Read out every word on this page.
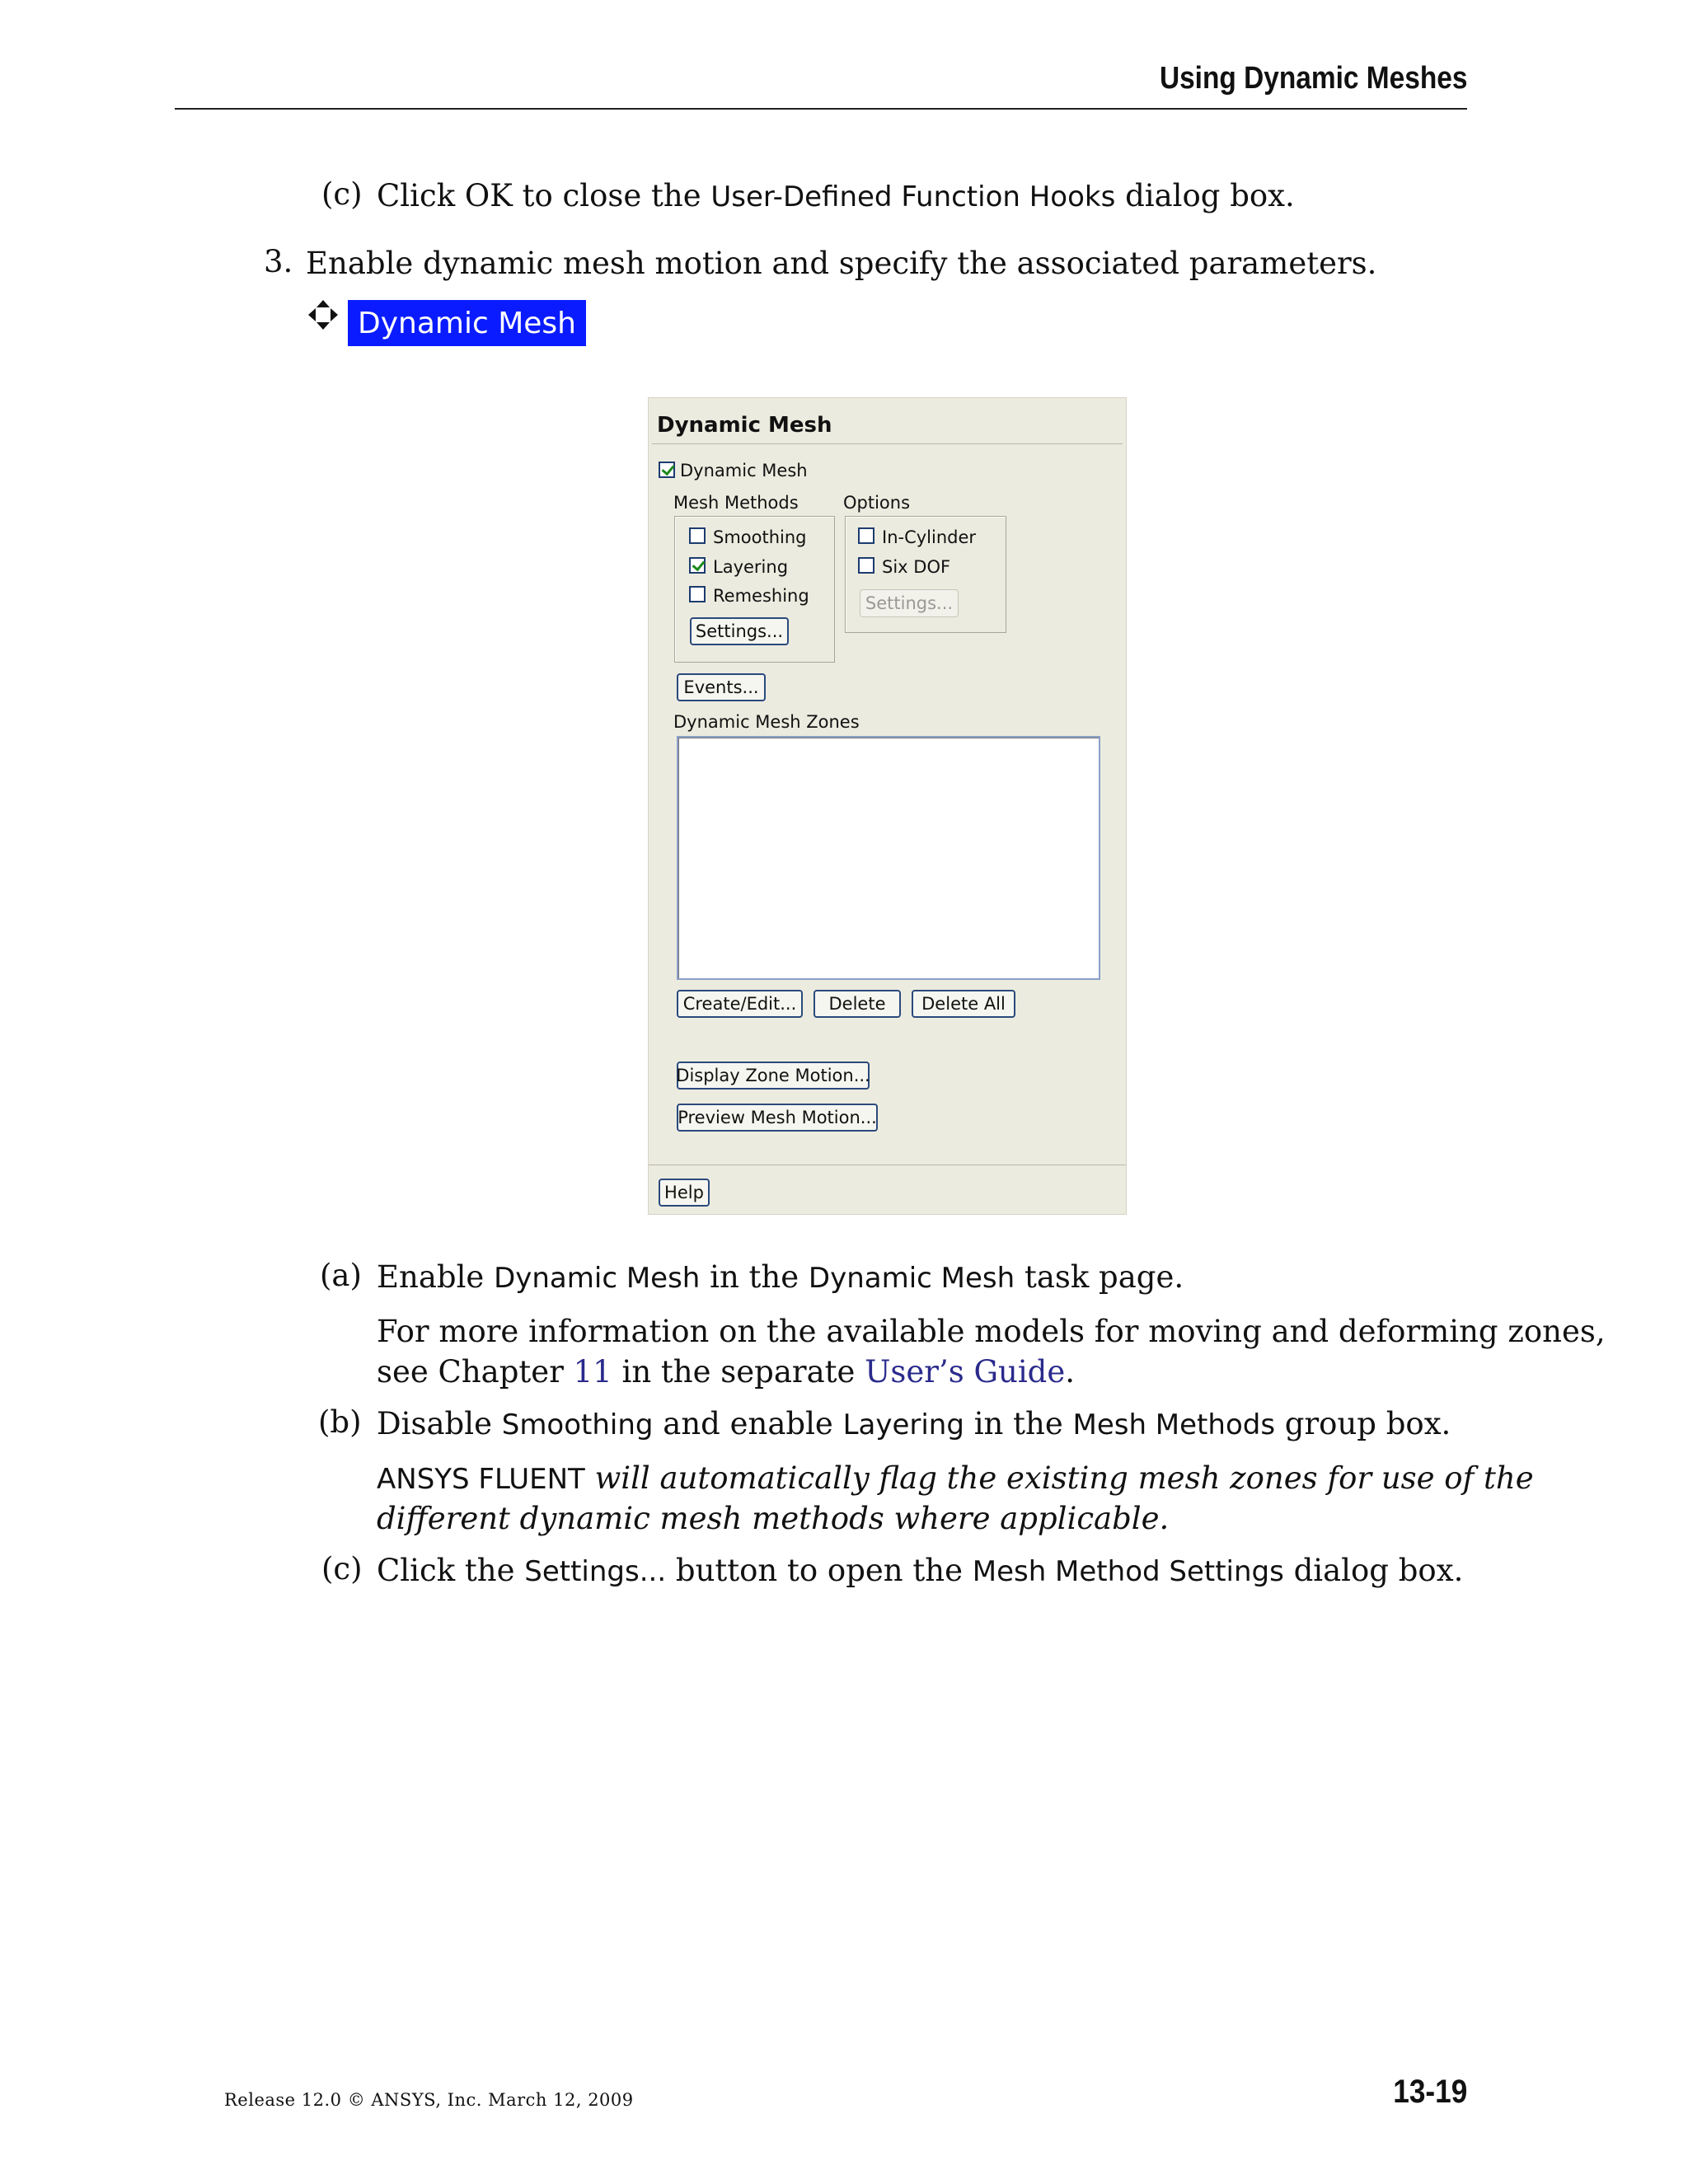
Using Dynamic Meshes
(c) Click OK to close the User-Defined Function Hooks dialog box.
3. Enable dynamic mesh motion and specify the associated parameters.
Dynamic Mesh
Dynamic Mesh
Dynamic Mesh
Mesh Methods
Smoothing
Layering
Remeshing
Settings...
Options
In-Cylinder
Six DOF
Settings...
Events...
Dynamic Mesh Zones
Create/Edit...	Delete	Delete All
Display Zone Motion...
Preview Mesh Motion...
Help
(a) Enable Dynamic Mesh in the Dynamic Mesh task page.
For more information on the available models for moving and deforming zones,
see Chapter 11 in the separate User’s Guide.
(b) Disable Smoothing and enable Layering in the Mesh Methods group box.
ANSYS FLUENT will automatically flag the existing mesh zones for use of the
different dynamic mesh methods where applicable.
(c) Click the Settings... button to open the Mesh Method Settings dialog box.
Release 12.0 © ANSYS, Inc. March 12, 2009	13-19
